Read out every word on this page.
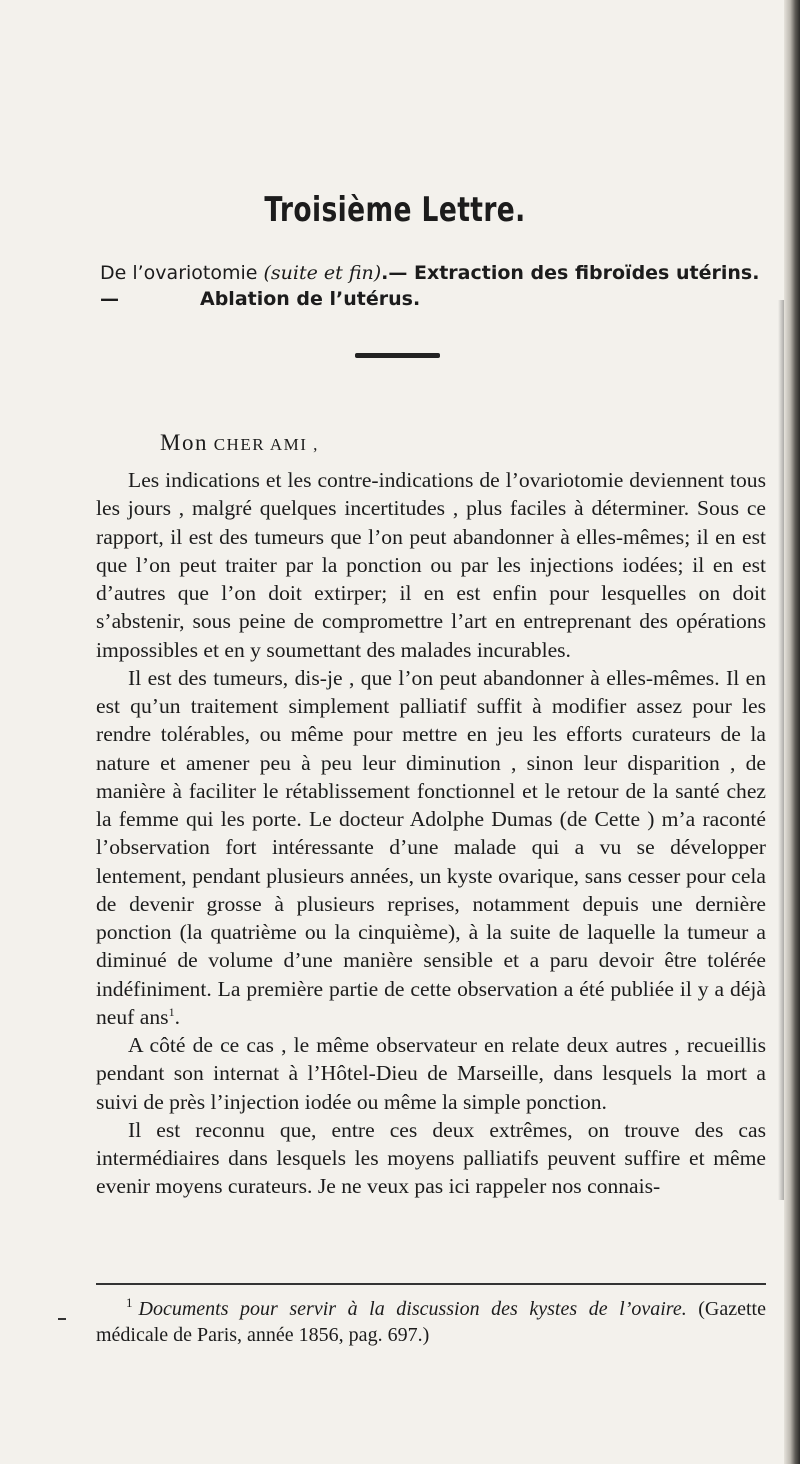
Troisième Lettre.
De l’ovariotomie (suite et fin).— Extraction des fibroïdes utérins. —	Ablation de l’utérus.
Mon CHER AMI ,

Les indications et les contre-indications de l’ovariotomie deviennent tous les jours , malgré quelques incertitudes , plus faciles à déterminer. Sous ce rapport, il est des tumeurs que l’on peut abandonner à elles-mêmes; il en est que l’on peut traiter par la ponction ou par les injections iodées; il en est d’autres que l’on doit extirper; il en est enfin pour lesquelles on doit s’abstenir, sous peine de compromettre l’art en entreprenant des opérations impossibles et en y soumettant des malades incurables.

Il est des tumeurs, dis-je , que l’on peut abandonner à elles-mêmes. Il en est qu’un traitement simplement palliatif suffit à modifier assez pour les rendre tolérables, ou même pour mettre en jeu les efforts curateurs de la nature et amener peu à peu leur diminution , sinon leur disparition , de manière à faciliter le rétablissement fonctionnel et le retour de la santé chez la femme qui les porte. Le docteur Adolphe Dumas (de Cette ) m’a raconté l’observation fort intéressante d’une malade qui a vu se développer lentement, pendant plusieurs années, un kyste ovarique, sans cesser pour cela de devenir grosse à plusieurs reprises, notamment depuis une dernière ponction (la quatrième ou la cinquième), à la suite de laquelle la tumeur a diminué de volume d’une manière sensible et a paru devoir être tolérée indéfiniment. La première partie de cette observation a été publiée il y a déjà neuf ans$^1$.

A côté de ce cas , le même observateur en relate deux autres , recueillis pendant son internat à l’Hôtel-Dieu de Marseille, dans lesquels la mort a suivi de près l’injection iodée ou même la simple ponction.

Il est reconnu que, entre ces deux extrêmes, on trouve des cas intermédiaires dans lesquels les moyens palliatifs peuvent suffire et même evenir moyens curateurs. Je ne veux pas ici rappeler nos connais-

$^1$ Documents pour servir à la discussion des kystes de l’ovaire. (Gazette médicale de Paris, année 1856, pag. 697.)
